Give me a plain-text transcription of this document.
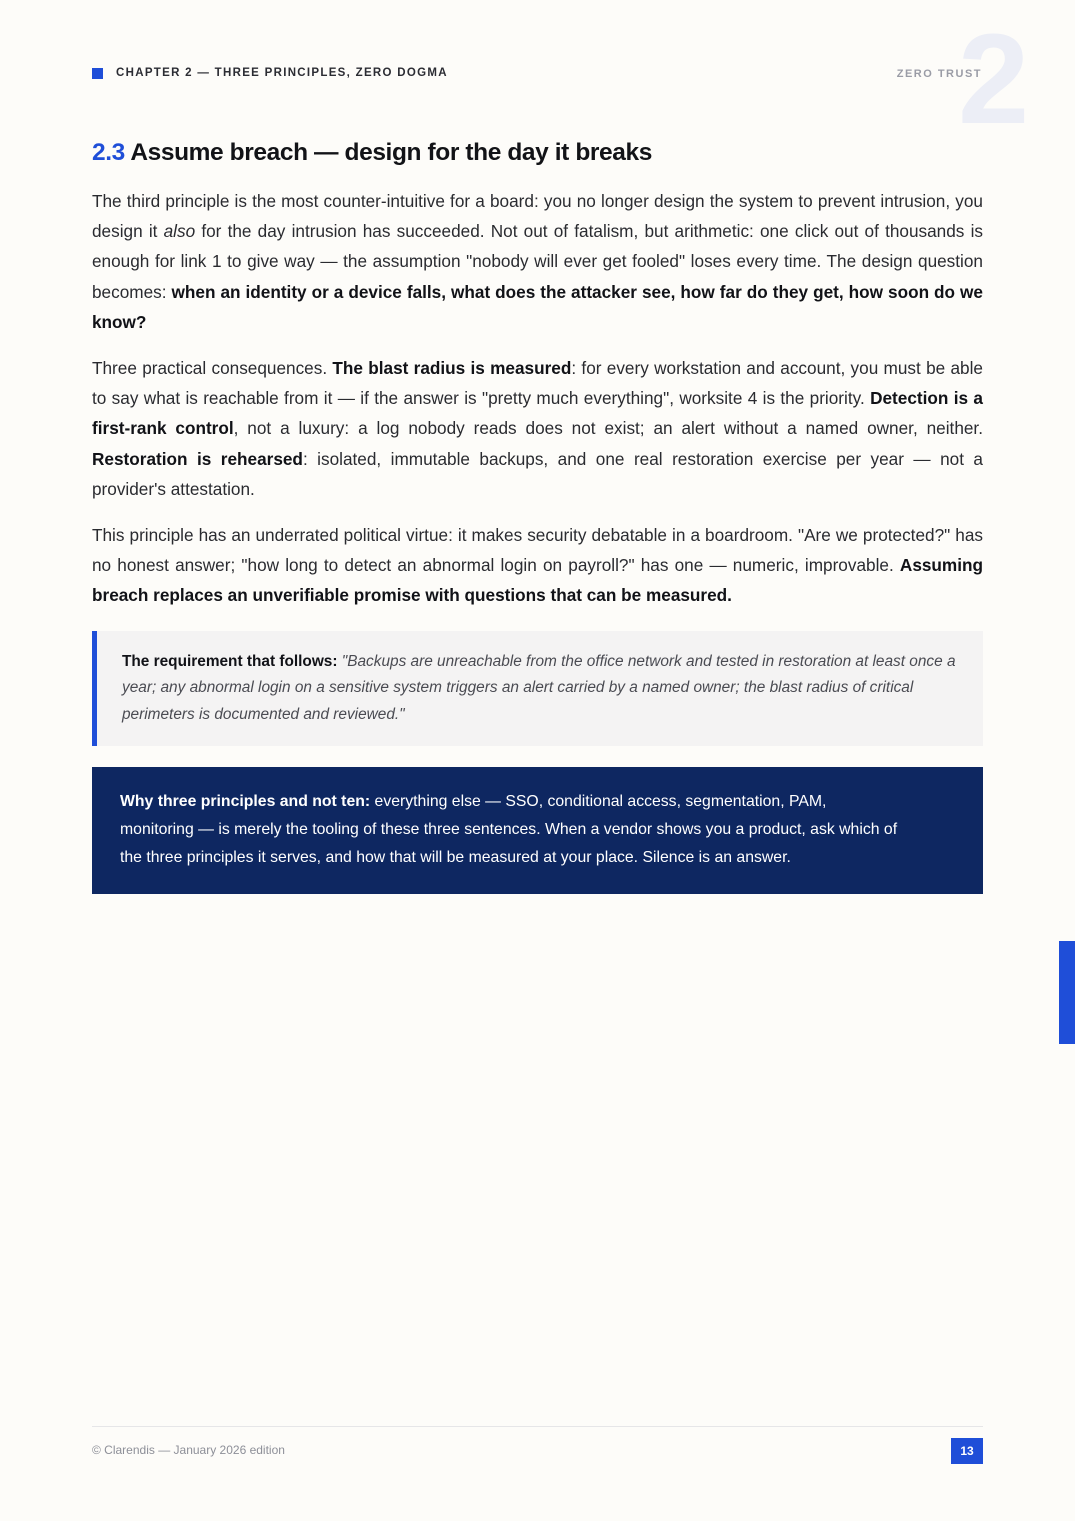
CHAPTER 2 — THREE PRINCIPLES, ZERO DOGMA	2
ZERO TRUST
2.3 Assume breach — design for the day it breaks

The third principle is the most counter-intuitive for a board: you no longer design the system to prevent intrusion, you design it also for the day intrusion has succeeded. Not out of fatalism, but arithmetic: one click out of thousands is enough for link 1 to give way — the assumption "nobody will ever get fooled" loses every time. The design question becomes: when an identity or a device falls, what does the attacker see, how far do they get, how soon do we know?

Three practical consequences. The blast radius is measured: for every workstation and account, you must be able to say what is reachable from it — if the answer is "pretty much everything", worksite 4 is the priority. Detection is a first-rank control, not a luxury: a log nobody reads does not exist; an alert without a named owner, neither. Restoration is rehearsed: isolated, immutable backups, and one real restoration exercise per year — not a provider's attestation.

This principle has an underrated political virtue: it makes security debatable in a boardroom. "Are we protected?" has no honest answer; "how long to detect an abnormal login on payroll?" has one — numeric, improvable. Assuming breach replaces an unverifiable promise with questions that can be measured.

The requirement that follows: "Backups are unreachable from the office network and tested in restoration at least once a year; any abnormal login on a sensitive system triggers an alert carried by a named owner; the blast radius of critical perimeters is documented and reviewed."
Why three principles and not ten: everything else — SSO, conditional access, segmentation, PAM, monitoring — is merely the tooling of these three sentences. When a vendor shows you a product, ask which of the three principles it serves, and how that will be measured at your place. Silence is an answer.
© Clarendis — January 2026 edition	13
